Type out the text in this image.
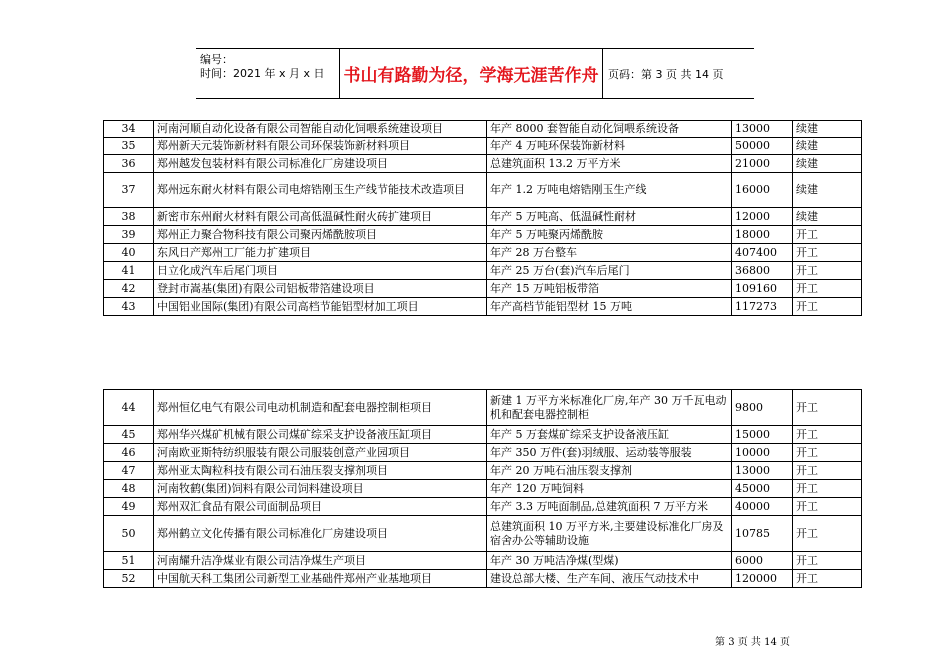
编号：
时间：2021 年 x 月 x 日 书山有路勤为径，学海无涯苦作舟 页码：第 3 页 共 14 页
34	河南河顺自动化设备有限公司智能自动化饲喂系统建设项目	年产 8000 套智能自动化饲喂系统设备	13000	续建
35	郑州新天元装饰新材料有限公司环保装饰新材料项目	年产 4 万吨环保装饰新材料	50000	续建
36	郑州越发包装材料有限公司标准化厂房建设项目	总建筑面积 13.2 万平方米	21000	续建
37	郑州远东耐火材料有限公司电熔锆刚玉生产线节能技术改造项目	年产 1.2 万吨电熔锆刚玉生产线	16000	续建
38	新密市东州耐火材料有限公司高低温碱性耐火砖扩建项目	年产 5 万吨高、低温碱性耐材	12000	续建
39	郑州正力聚合物科技有限公司聚丙烯酰胺项目	年产 5 万吨聚丙烯酰胺	18000	开工
40	东风日产郑州工厂能力扩建项目	年产 28 万台整车	407400	开工
41	日立化成汽车后尾门项目	年产 25 万台(套)汽车后尾门	36800	开工
42	登封市嵩基(集团)有限公司铝板带箔建设项目	年产 15 万吨铝板带箔	109160	开工
43	中国铝业国际(集团)有限公司高档节能铝型材加工项目	年产高档节能铝型材 15 万吨	117273	开工
44	郑州恒亿电气有限公司电动机制造和配套电器控制柜项目	新建 1 万平方米标准化厂房,年产 30 万千瓦电动机和配套电器控制柜	9800	开工
45	郑州华兴煤矿机械有限公司煤矿综采支护设备液压缸项目	年产 5 万套煤矿综采支护设备液压缸	15000	开工
46	河南欧亚斯特纺织服装有限公司服装创意产业园项目	年产 350 万件(套)羽绒服、运动装等服装	10000	开工
47	郑州亚太陶粒科技有限公司石油压裂支撑剂项目	年产 20 万吨石油压裂支撑剂	13000	开工
48	河南牧鹤(集团)饲料有限公司饲料建设项目	年产 120 万吨饲料	45000	开工
49	郑州双汇食品有限公司面制品项目	年产 3.3 万吨面制品,总建筑面积 7 万平方米	40000	开工
50	郑州鹤立文化传播有限公司标准化厂房建设项目	总建筑面积 10 万平方米,主要建设标准化厂房及宿舍办公等辅助设施	10785	开工
51	河南耀升洁净煤业有限公司洁净煤生产项目	年产 30 万吨洁净煤(型煤)	6000	开工
52	中国航天科工集团公司新型工业基础件郑州产业基地项目	建设总部大楼、生产车间、液压气动技术中	120000	开工
第 3 页 共 14 页
